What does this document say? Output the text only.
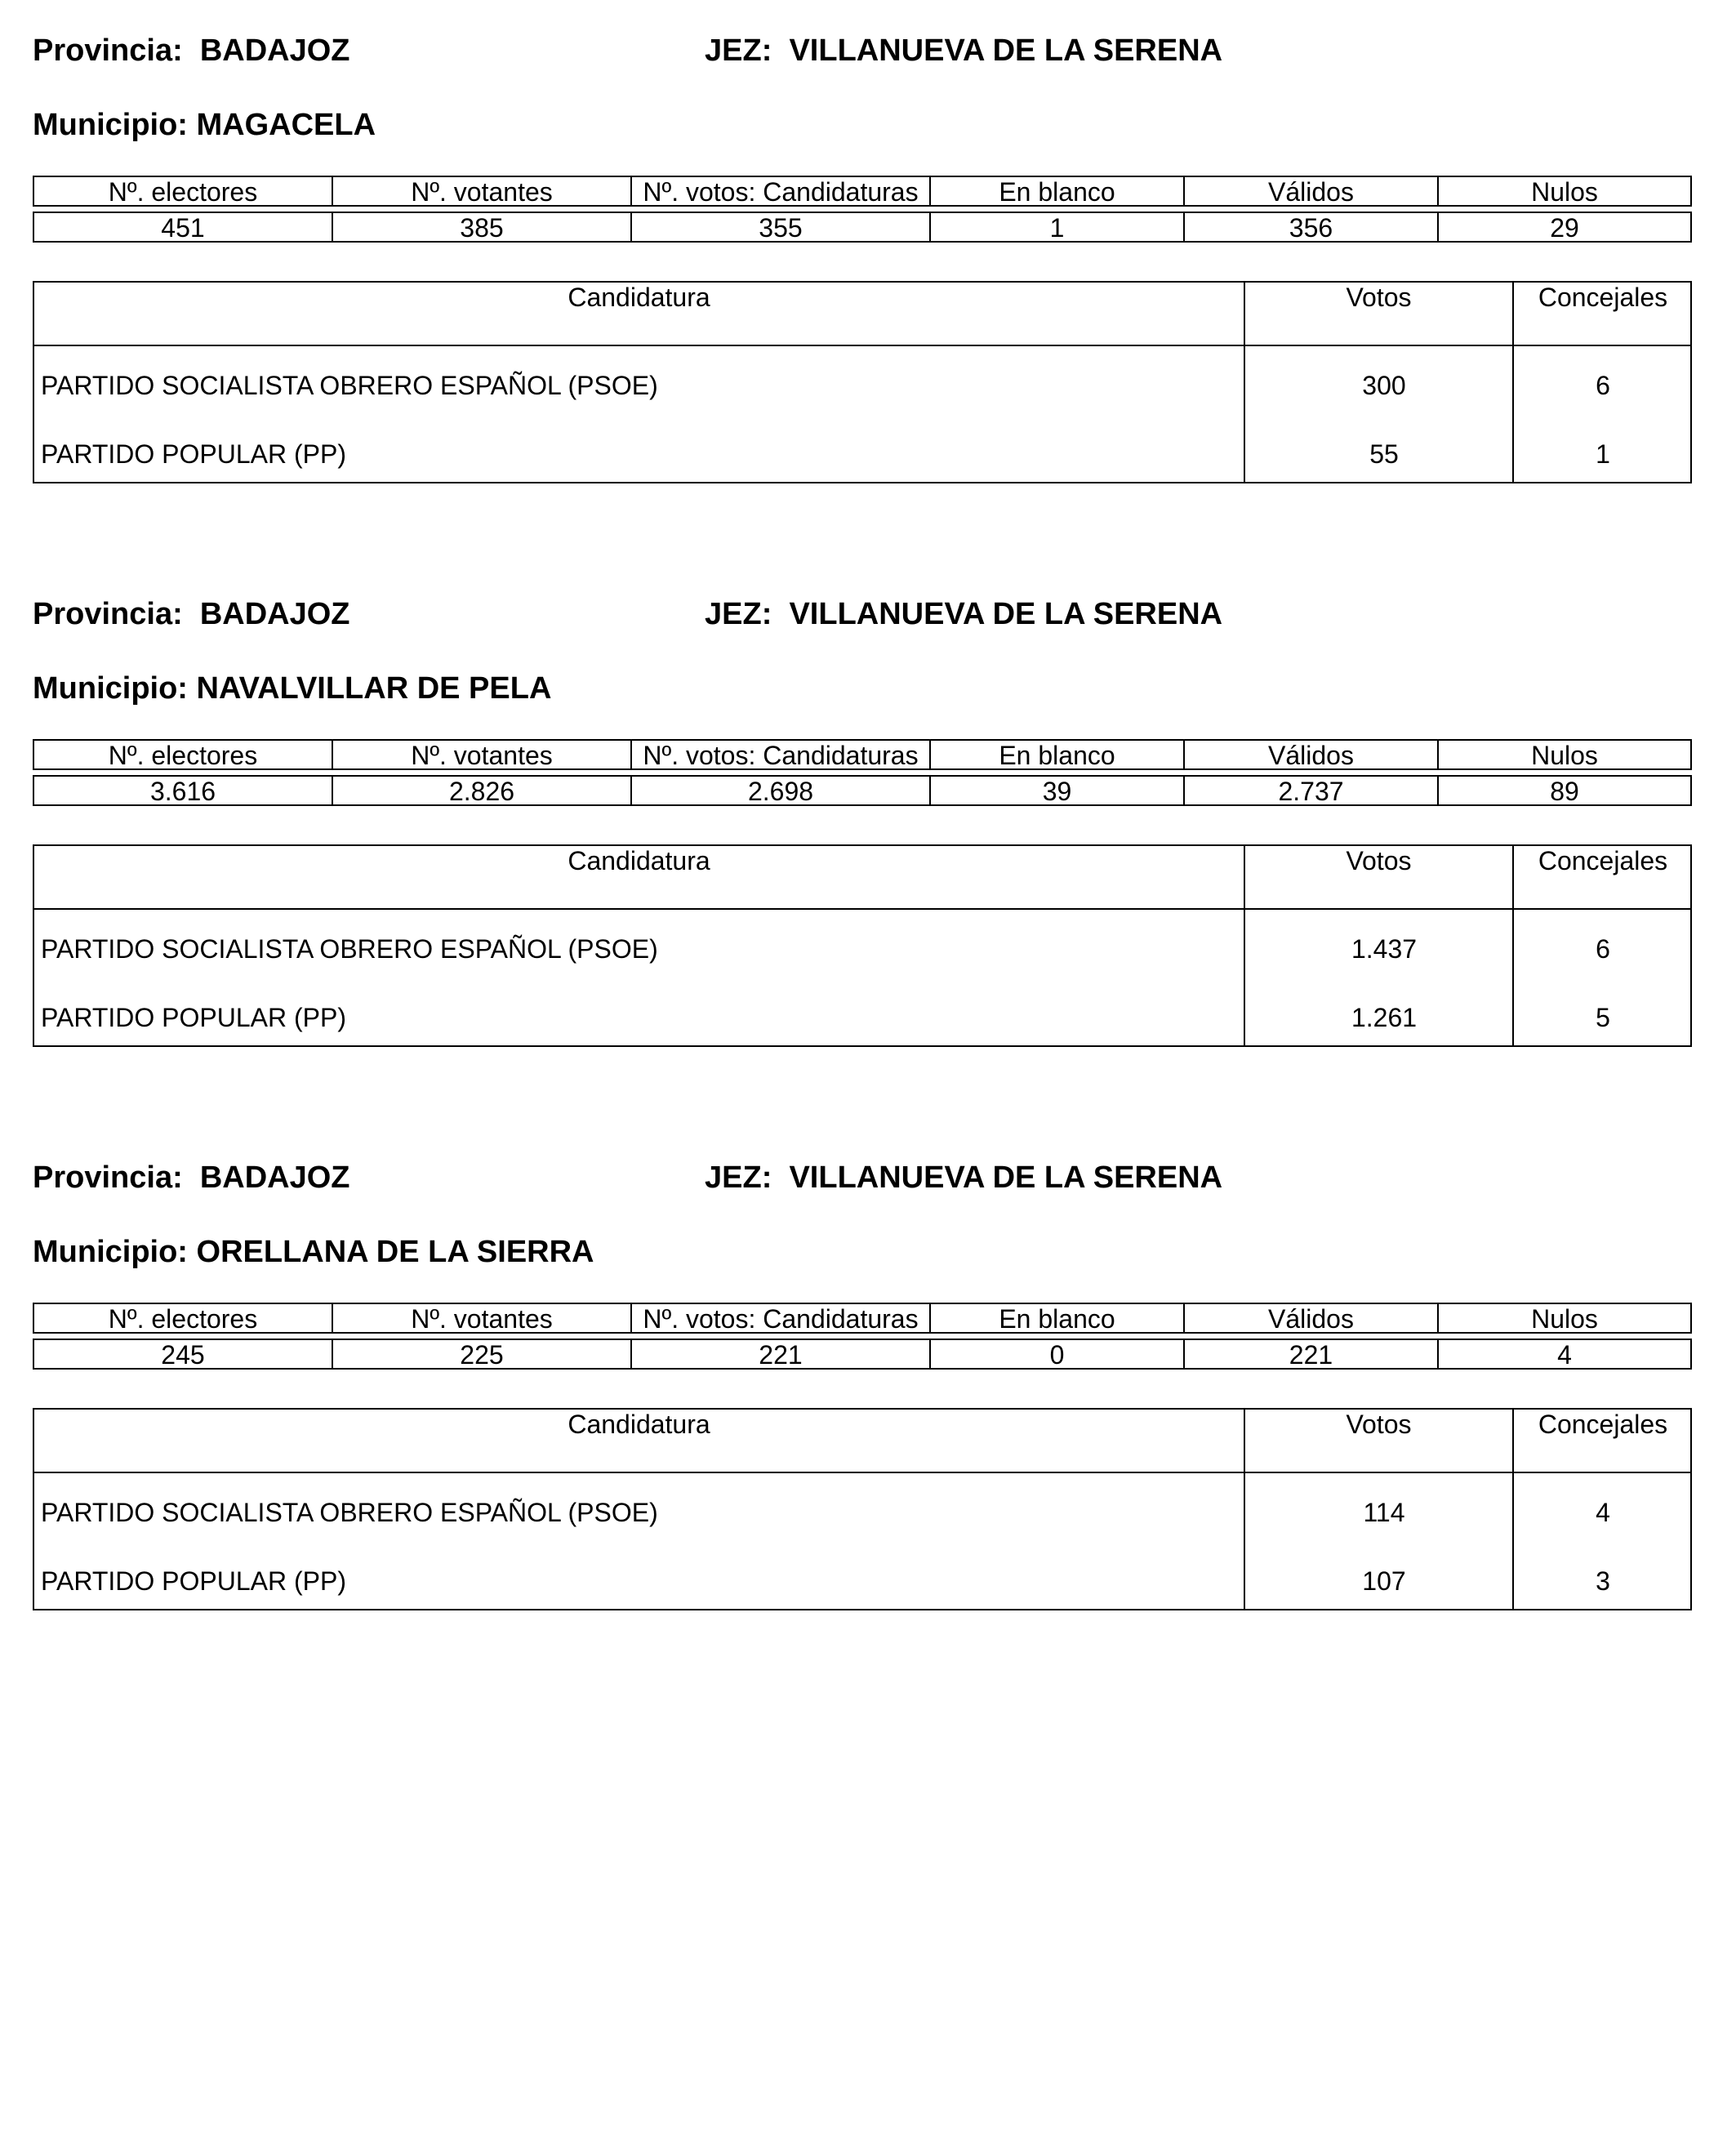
Provincia:  BADAJOZ	JEZ:  VILLANUEVA DE LA SERENA
Municipio: MAGACELA
Nº. electores	Nº. votantes	Nº. votos: Candidaturas	En blanco	Válidos	Nulos
451	385	355	1	356	29
Candidatura	Votos	Concejales
PARTIDO SOCIALISTA OBRERO ESPAÑOL (PSOE)	300	6
PARTIDO POPULAR (PP)	55	1
Provincia:  BADAJOZ	JEZ:  VILLANUEVA DE LA SERENA
Municipio: NAVALVILLAR DE PELA
Nº. electores	Nº. votantes	Nº. votos: Candidaturas	En blanco	Válidos	Nulos
3.616	2.826	2.698	39	2.737	89
Candidatura	Votos	Concejales
PARTIDO SOCIALISTA OBRERO ESPAÑOL (PSOE)	1.437	6
PARTIDO POPULAR (PP)	1.261	5
Provincia:  BADAJOZ	JEZ:  VILLANUEVA DE LA SERENA
Municipio: ORELLANA DE LA SIERRA
Nº. electores	Nº. votantes	Nº. votos: Candidaturas	En blanco	Válidos	Nulos
245	225	221	0	221	4
Candidatura	Votos	Concejales
PARTIDO SOCIALISTA OBRERO ESPAÑOL (PSOE)	114	4
PARTIDO POPULAR (PP)	107	3
